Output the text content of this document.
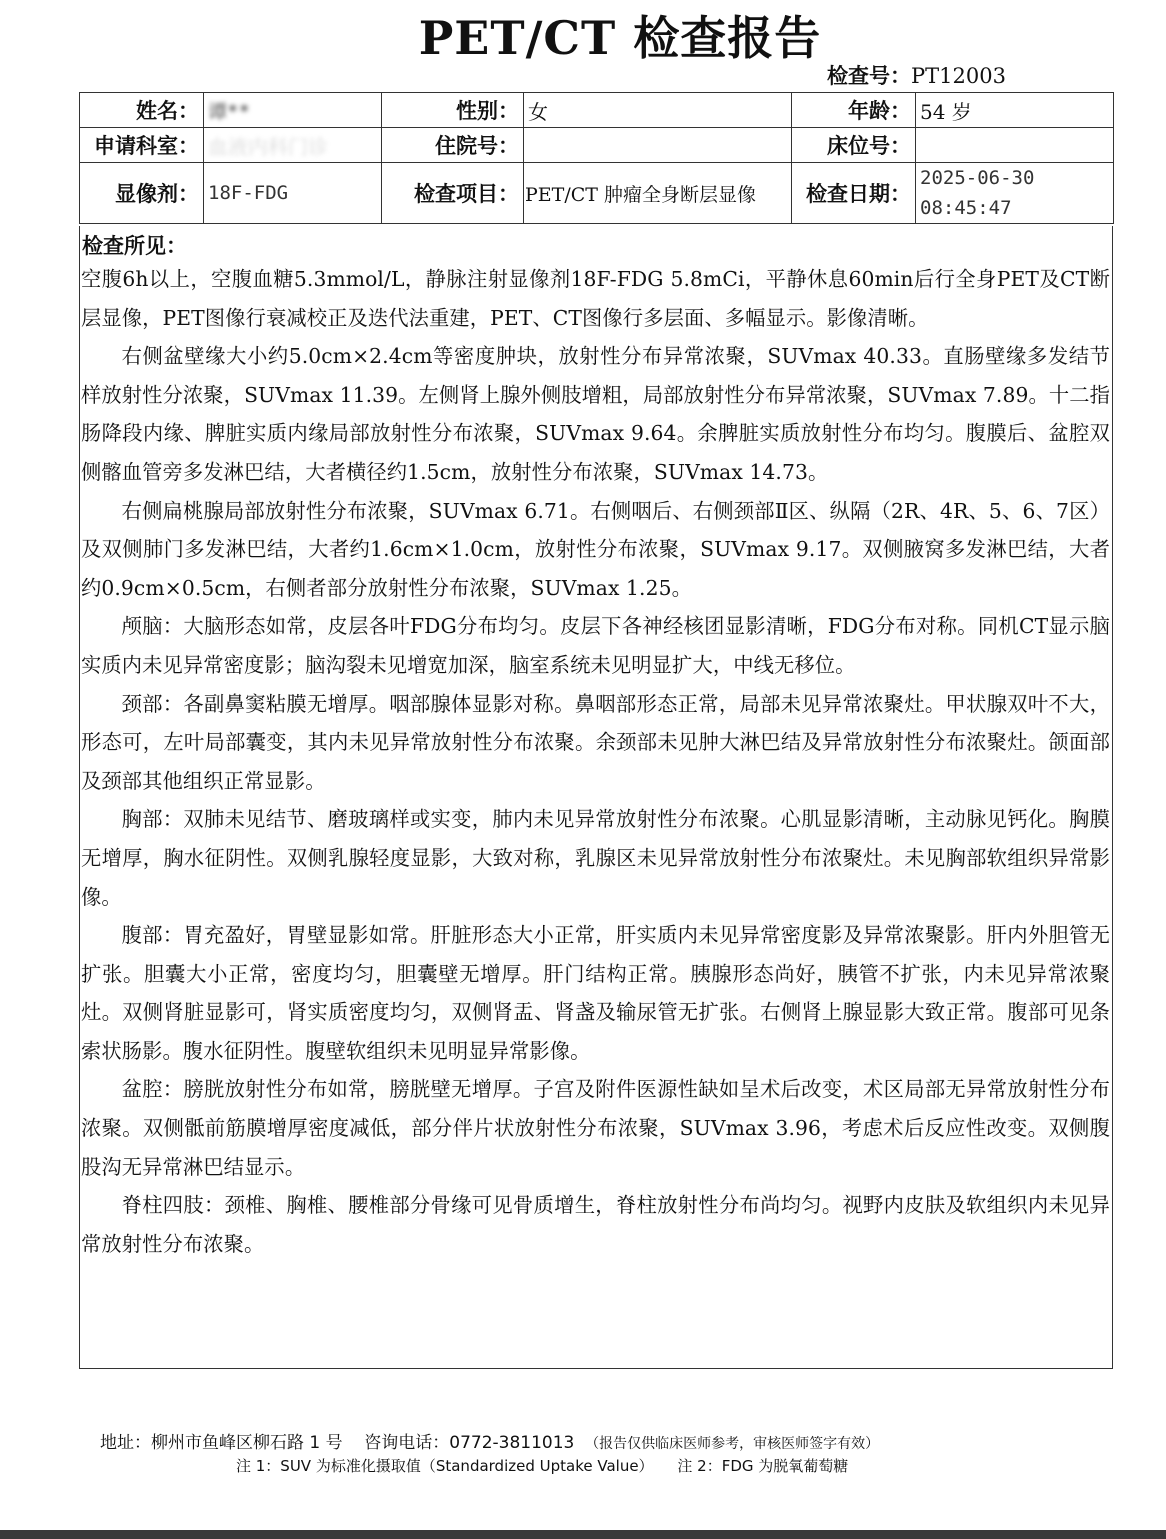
PET/CT 检查报告
检查号：PT12003
姓名：	谭**	性别：	女	年龄：	54 岁
申请科室：	血液内科门诊	住院号：		床位号：	
显像剂：	18F-FDG	检查项目：	PET/CT 肿瘤全身断层显像	检查日期：	2025-06-30
08:45:47
检查所见：

空腹6h以上，空腹血糖5.3mmol/L，静脉注射显像剂18F-FDG 5.8mCi，平静休息60min后行全身PET及CT断层显像，PET图像行衰减校正及迭代法重建，PET、CT图像行多层面、多幅显示。影像清晰。

右侧盆壁缘大小约5.0cm×2.4cm等密度肿块，放射性分布异常浓聚，SUVmax 40.33。直肠壁缘多发结节样放射性分浓聚，SUVmax 11.39。左侧肾上腺外侧肢增粗，局部放射性分布异常浓聚，SUVmax 7.89。十二指肠降段内缘、脾脏实质内缘局部放射性分布浓聚，SUVmax 9.64。余脾脏实质放射性分布均匀。腹膜后、盆腔双侧髂血管旁多发淋巴结，大者横径约1.5cm，放射性分布浓聚，SUVmax 14.73。

右侧扁桃腺局部放射性分布浓聚，SUVmax 6.71。右侧咽后、右侧颈部Ⅱ区、纵隔（2R、4R、5、6、7区）及双侧肺门多发淋巴结，大者约1.6cm×1.0cm，放射性分布浓聚，SUVmax 9.17。双侧腋窝多发淋巴结，大者约0.9cm×0.5cm，右侧者部分放射性分布浓聚，SUVmax 1.25。

颅脑：大脑形态如常，皮层各叶FDG分布均匀。皮层下各神经核团显影清晰，FDG分布对称。同机CT显示脑实质内未见异常密度影；脑沟裂未见增宽加深，脑室系统未见明显扩大，中线无移位。

颈部：各副鼻窦粘膜无增厚。咽部腺体显影对称。鼻咽部形态正常，局部未见异常浓聚灶。甲状腺双叶不大，形态可，左叶局部囊变，其内未见异常放射性分布浓聚。余颈部未见肿大淋巴结及异常放射性分布浓聚灶。颌面部及颈部其他组织正常显影。

胸部：双肺未见结节、磨玻璃样或实变，肺内未见异常放射性分布浓聚。心肌显影清晰，主动脉见钙化。胸膜无增厚，胸水征阴性。双侧乳腺轻度显影，大致对称，乳腺区未见异常放射性分布浓聚灶。未见胸部软组织异常影像。

腹部：胃充盈好，胃壁显影如常。肝脏形态大小正常，肝实质内未见异常密度影及异常浓聚影。肝内外胆管无扩张。胆囊大小正常，密度均匀，胆囊壁无增厚。肝门结构正常。胰腺形态尚好，胰管不扩张，内未见异常浓聚灶。双侧肾脏显影可，肾实质密度均匀，双侧肾盂、肾盏及输尿管无扩张。右侧肾上腺显影大致正常。腹部可见条索状肠影。腹水征阴性。腹壁软组织未见明显异常影像。

盆腔：膀胱放射性分布如常，膀胱壁无增厚。子宫及附件医源性缺如呈术后改变，术区局部无异常放射性分布浓聚。双侧骶前筋膜增厚密度减低，部分伴片状放射性分布浓聚，SUVmax 3.96，考虑术后反应性改变。双侧腹股沟无异常淋巴结显示。

脊柱四肢：颈椎、胸椎、腰椎部分骨缘可见骨质增生，脊柱放射性分布尚均匀。视野内皮肤及软组织内未见异常放射性分布浓聚。

地址：柳州市鱼峰区柳石路 1 号 咨询电话：0772-3811013 （报告仅供临床医师参考，审核医师签字有效）
注 1：SUV 为标准化摄取值（Standardized Uptake Value） 注 2：FDG 为脱氧葡萄糖
